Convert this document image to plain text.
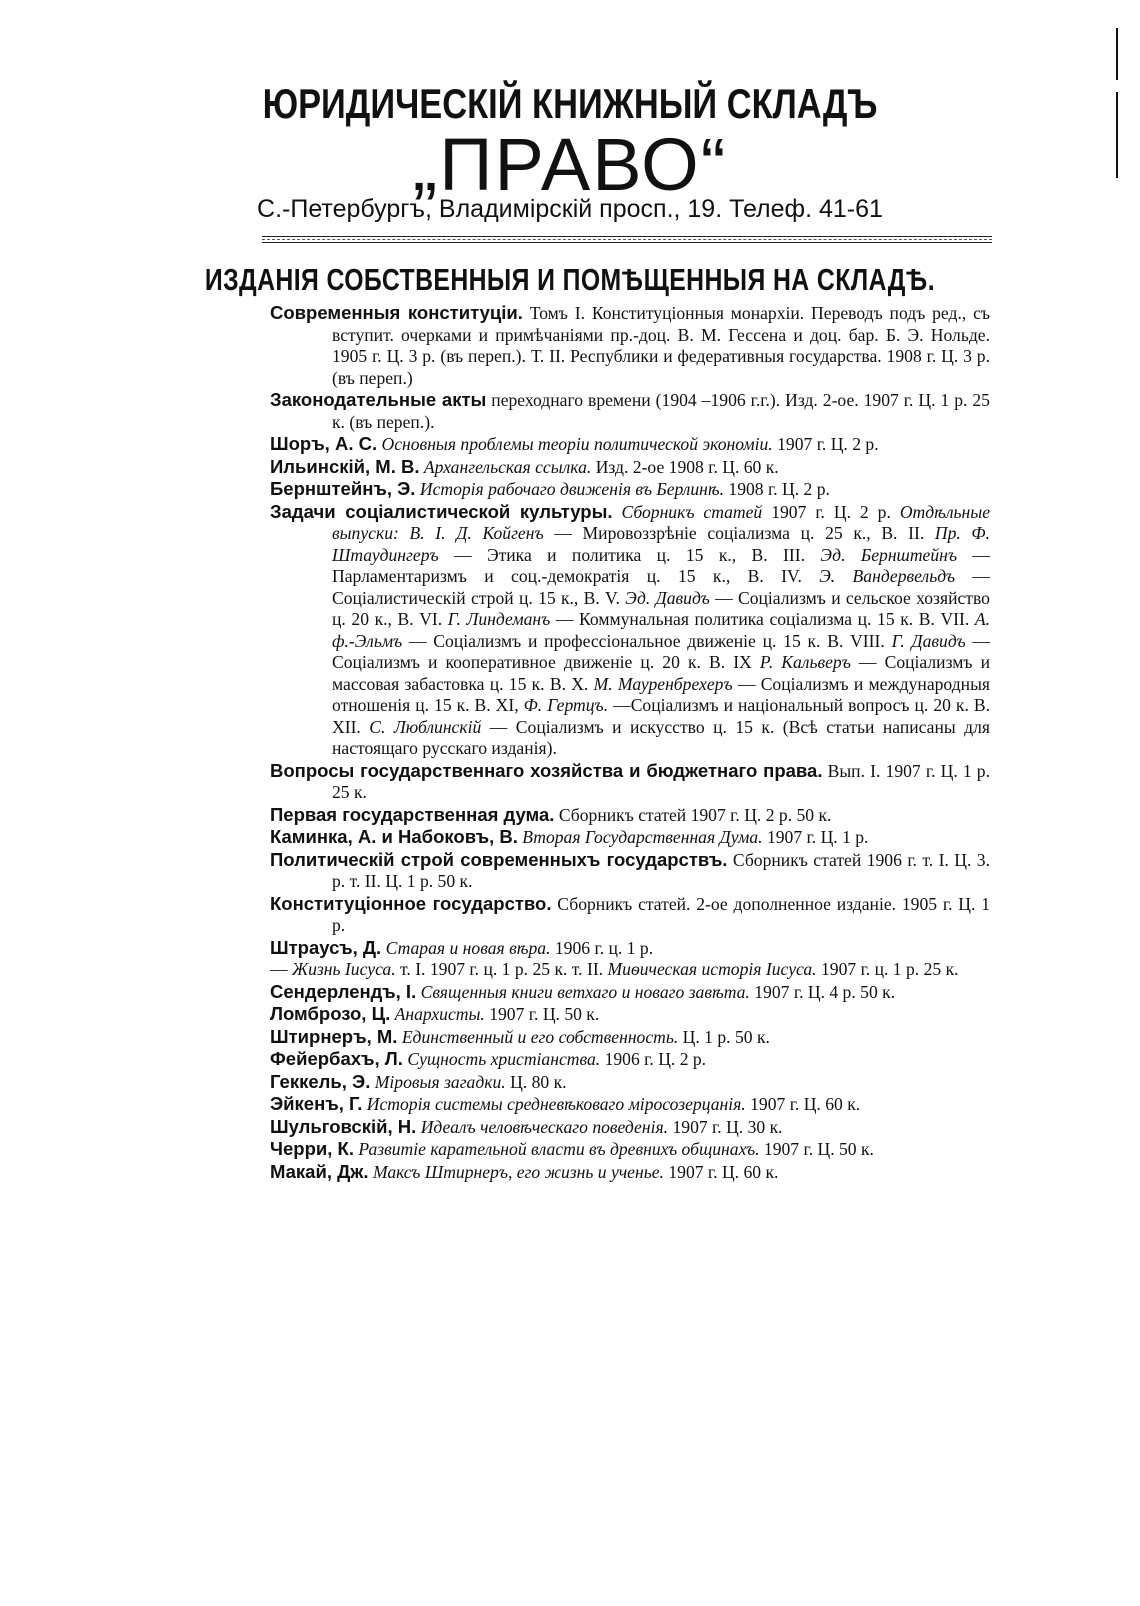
ЮРИДИЧЕСКІЙ КНИЖНЫЙ СКЛАДЪ
„ПРАВО“
С.-Петербургъ, Владимірскій просп., 19. Телеф. 41-61
ИЗДАНІЯ СОБСТВЕННЫЯ И ПОМѢЩЕННЫЯ НА СКЛАДѢ.

Современныя конституціи. Томъ I. Конституціонныя монархіи. Переводъ подъ ред., съ вступит. очерками и примѣчаніями пр.-доц. В. М. Гессена и доц. бар. Б. Э. Нольде. 1905 г. Ц. 3 р. (въ переп.). Т. II. Республики и федеративныя государства. 1908 г. Ц. 3 р. (въ переп.)

Законодательные акты переходнаго времени (1904 –1906 г.г.). Изд. 2-ое. 1907 г. Ц. 1 р. 25 к. (въ переп.).

Шоръ, А. С. Основныя проблемы теоріи политической экономіи. 1907 г. Ц. 2 р.

Ильинскій, М. В. Архангельская ссылка. Изд. 2-ое 1908 г. Ц. 60 к.

Бернштейнъ, Э. Исторія рабочаго движенія въ Берлинѣ. 1908 г. Ц. 2 р.

Задачи соціалистической культуры. Сборникъ статей 1907 г. Ц. 2 р. Отдѣльные выпуски: В. I. Д. Койгенъ — Мировоззрѣніе соціализма ц. 25 к., В. II. Пр. Ф. Штаудингеръ — Этика и политика ц. 15 к., В. III. Эд. Бернштейнъ — Парламентаризмъ и соц.-демократія ц. 15 к., В. IV. Э. Вандервельдъ — Соціалистическій строй ц. 15 к., В. V. Эд. Давидъ — Соціализмъ и сельское хозяйство ц. 20 к., В. VI. Г. Линдеманъ — Коммунальная политика соціализма ц. 15 к. В. VII. А. ф.-Эльмъ — Соціализмъ и профессіональное движеніе ц. 15 к. В. VIII. Г. Давидъ — Соціализмъ и кооперативное движеніе ц. 20 к. В. IX Р. Кальверъ — Соціализмъ и массовая забастовка ц. 15 к. В. X. М. Мауренбрехеръ — Соціализмъ и международныя отношенія ц. 15 к. В. XI, Ф. Гертцъ. —Соціализмъ и національный вопросъ ц. 20 к. В. XII. С. Люблинскій — Соціализмъ и искусство ц. 15 к. (Всѣ статьи написаны для настоящаго русскаго изданія).

Вопросы государственнаго хозяйства и бюджетнаго права. Вып. I. 1907 г. Ц. 1 р. 25 к.

Первая государственная дума. Сборникъ статей 1907 г. Ц. 2 р. 50 к.

Каминка, А. и Набоковъ, В. Вторая Государственная Дума. 1907 г. Ц. 1 р.

Политическій строй современныхъ государствъ. Сборникъ статей 1906 г. т. I. Ц. 3. р. т. II. Ц. 1 р. 50 к.

Конституціонное государство. Сборникъ статей. 2-ое дополненное изданіе. 1905 г. Ц. 1 р.

Штраусъ, Д. Старая и новая вѣра. 1906 г. ц. 1 р.

— Жизнь Іисуса. т. I. 1907 г. ц. 1 р. 25 к. т. II. Миѳическая исторія Іисуса. 1907 г. ц. 1 р. 25 к.

Сендерлендъ, I. Священныя книги ветхаго и новаго завѣта. 1907 г. Ц. 4 р. 50 к.

Ломброзо, Ц. Анархисты. 1907 г. Ц. 50 к.

Штирнеръ, М. Единственный и его собственность. Ц. 1 р. 50 к.

Фейербахъ, Л. Сущность христіанства. 1906 г. Ц. 2 р.

Геккель, Э. Міровыя загадки. Ц. 80 к.

Эйкенъ, Г. Исторія системы средневѣковаго міросозерцанія. 1907 г. Ц. 60 к.

Шульговскій, Н. Идеалъ человѣческаго поведенія. 1907 г. Ц. 30 к.

Черри, К. Развитіе карательной власти въ древнихъ общинахъ. 1907 г. Ц. 50 к.

Макай, Дж. Максъ Штирнеръ, его жизнь и ученье. 1907 г. Ц. 60 к.
